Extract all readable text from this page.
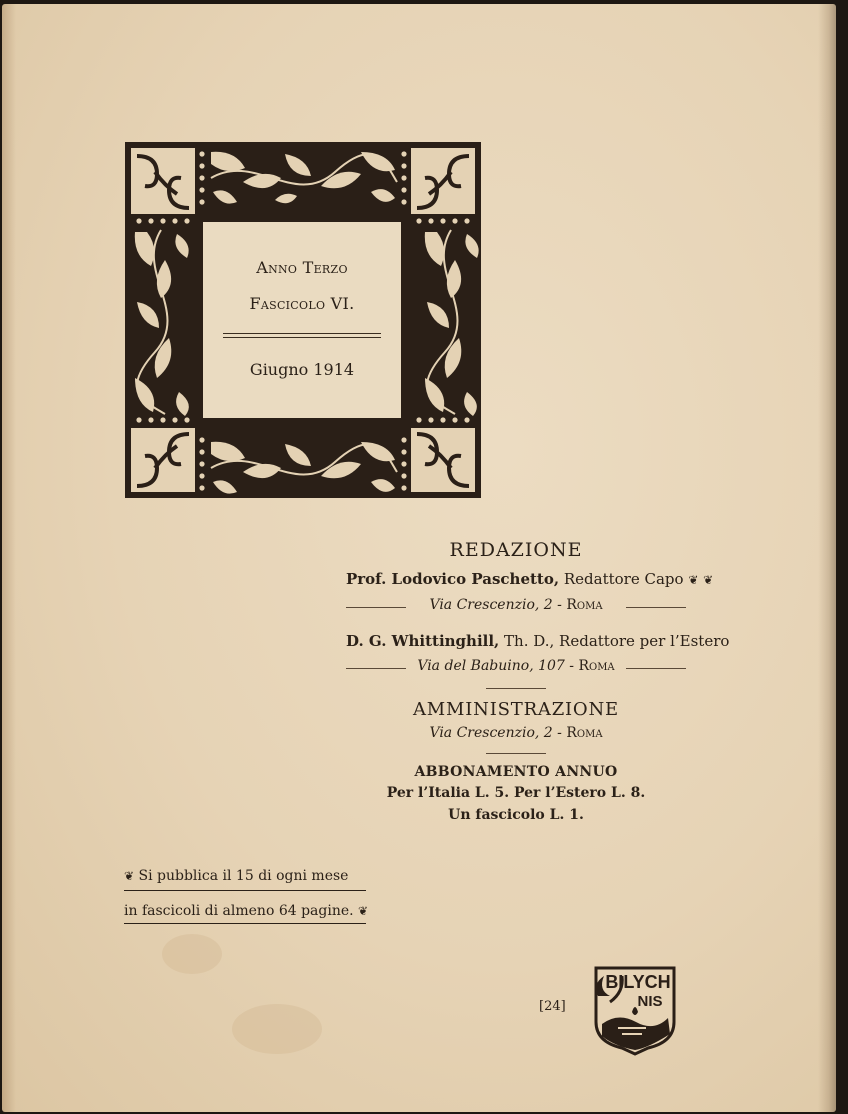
Anno Terzo
Fascicolo VI.
Giugno 1914
REDAZIONE
Prof. Lodovico Paschetto, Redattore Capo ❦ ❦
Via Crescenzio, 2 - Roma
D. G. Whittinghill, Th. D., Redattore per l’Estero
Via del Babuino, 107 - Roma
AMMINISTRAZIONE
Via Crescenzio, 2 - Roma
ABBONAMENTO ANNUO
Per l’Italia L. 5. Per l’Estero L. 8.
Un fascicolo L. 1.
❦ Si pubblica il 15 di ogni mese
in fascicoli di almeno 64 pagine. ❦
[24]
BILYCH
NIS
